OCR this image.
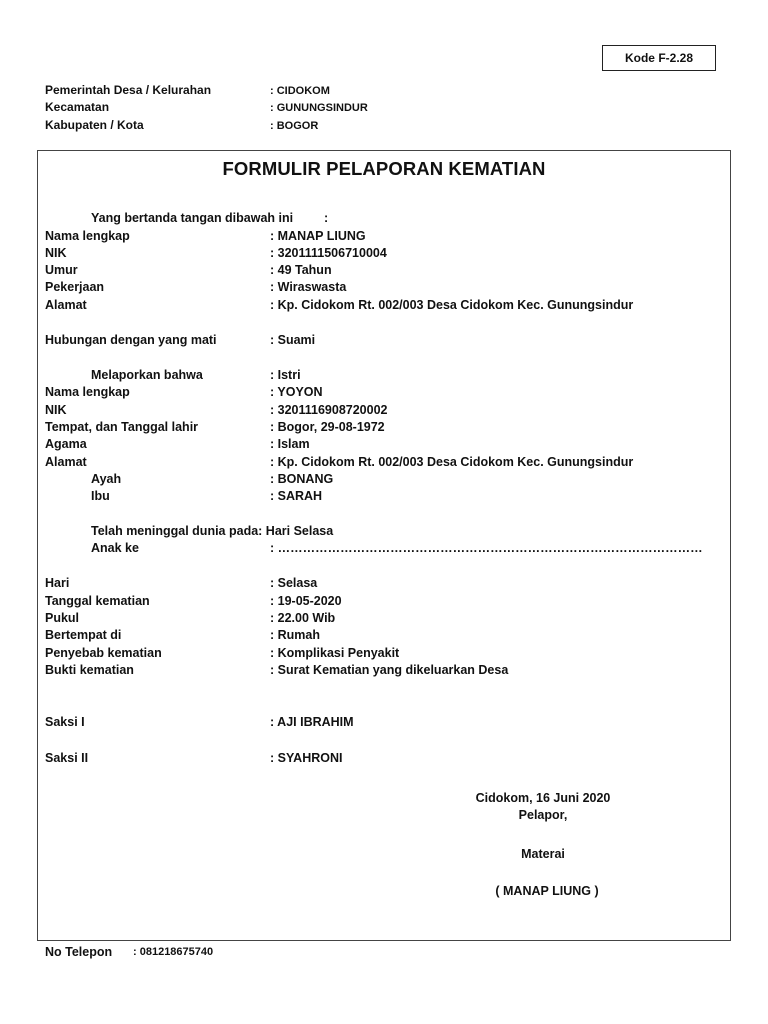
Kode F-2.28
Pemerintah Desa / Kelurahan	: CIDOKOM
Kecamatan	: GUNUNGSINDUR
Kabupaten / Kota	: BOGOR
FORMULIR PELAPORAN KEMATIAN
Yang bertanda tangan dibawah ini :
Nama lengkap	: MANAP LIUNG
NIK	: 3201111506710004
Umur	: 49 Tahun
Pekerjaan	: Wiraswasta
Alamat	: Kp. Cidokom Rt. 002/003 Desa Cidokom Kec. Gunungsindur
Hubungan dengan yang mati	: Suami
Melaporkan bahwa	: Istri
Nama lengkap	: YOYON
NIK	: 3201116908720002
Tempat, dan Tanggal lahir	: Bogor, 29-08-1972
Agama	: Islam
Alamat	: Kp. Cidokom Rt. 002/003 Desa Cidokom Kec. Gunungsindur
Ayah	: BONANG
Ibu	: SARAH
Telah meninggal dunia pada: Hari Selasa
Anak ke	: …………………………………………………………………………………………
Hari	: Selasa
Tanggal kematian	: 19-05-2020
Pukul	: 22.00 Wib
Bertempat di	: Rumah
Penyebab kematian	: Komplikasi Penyakit
Bukti kematian	: Surat Kematian yang dikeluarkan Desa
Saksi I	: AJI IBRAHIM
Saksi II	: SYAHRONI
Cidokom, 16 Juni 2020
Pelapor,
Materai
( MANAP LIUNG )
No Telepon : 081218675740
